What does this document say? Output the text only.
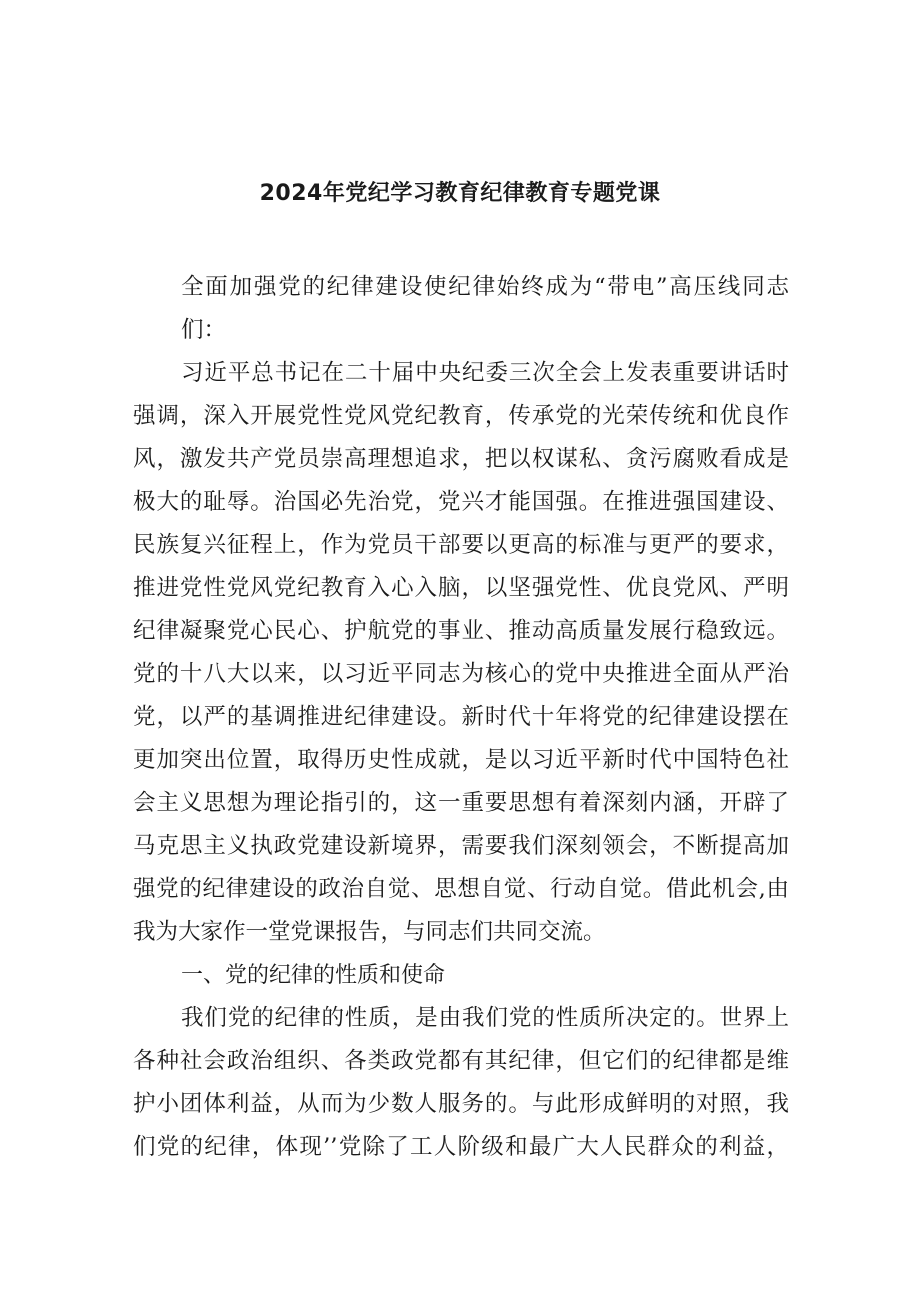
2024年党纪学习教育纪律教育专题党课
全面加强党的纪律建设使纪律始终成为“带电”高压线同志
们：
习近平总书记在二十届中央纪委三次全会上发表重要讲话时
强调，深入开展党性党风党纪教育，传承党的光荣传统和优良作
风，激发共产党员崇高理想追求，把以权谋私、贪污腐败看成是
极大的耻辱。治国必先治党，党兴才能国强。在推进强国建设、
民族复兴征程上，作为党员干部要以更高的标准与更严的要求，
推进党性党风党纪教育入心入脑，以坚强党性、优良党风、严明
纪律凝聚党心民心、护航党的事业、推动高质量发展行稳致远。
党的十八大以来，以习近平同志为核心的党中央推进全面从严治
党，以严的基调推进纪律建设。新时代十年将党的纪律建设摆在
更加突出位置，取得历史性成就，是以习近平新时代中国特色社
会主义思想为理论指引的，这一重要思想有着深刻内涵，开辟了
马克思主义执政党建设新境界，需要我们深刻领会，不断提高加
强党的纪律建设的政治自觉、思想自觉、行动自觉。借此机会,由
我为大家作一堂党课报告，与同志们共同交流。
一、党的纪律的性质和使命
我们党的纪律的性质，是由我们党的性质所决定的。世界上
各种社会政治组织、各类政党都有其纪律，但它们的纪律都是维
护小团体利益，从而为少数人服务的。与此形成鲜明的对照，我
们党的纪律，体现’’党除了工人阶级和最广大人民群众的利益，
